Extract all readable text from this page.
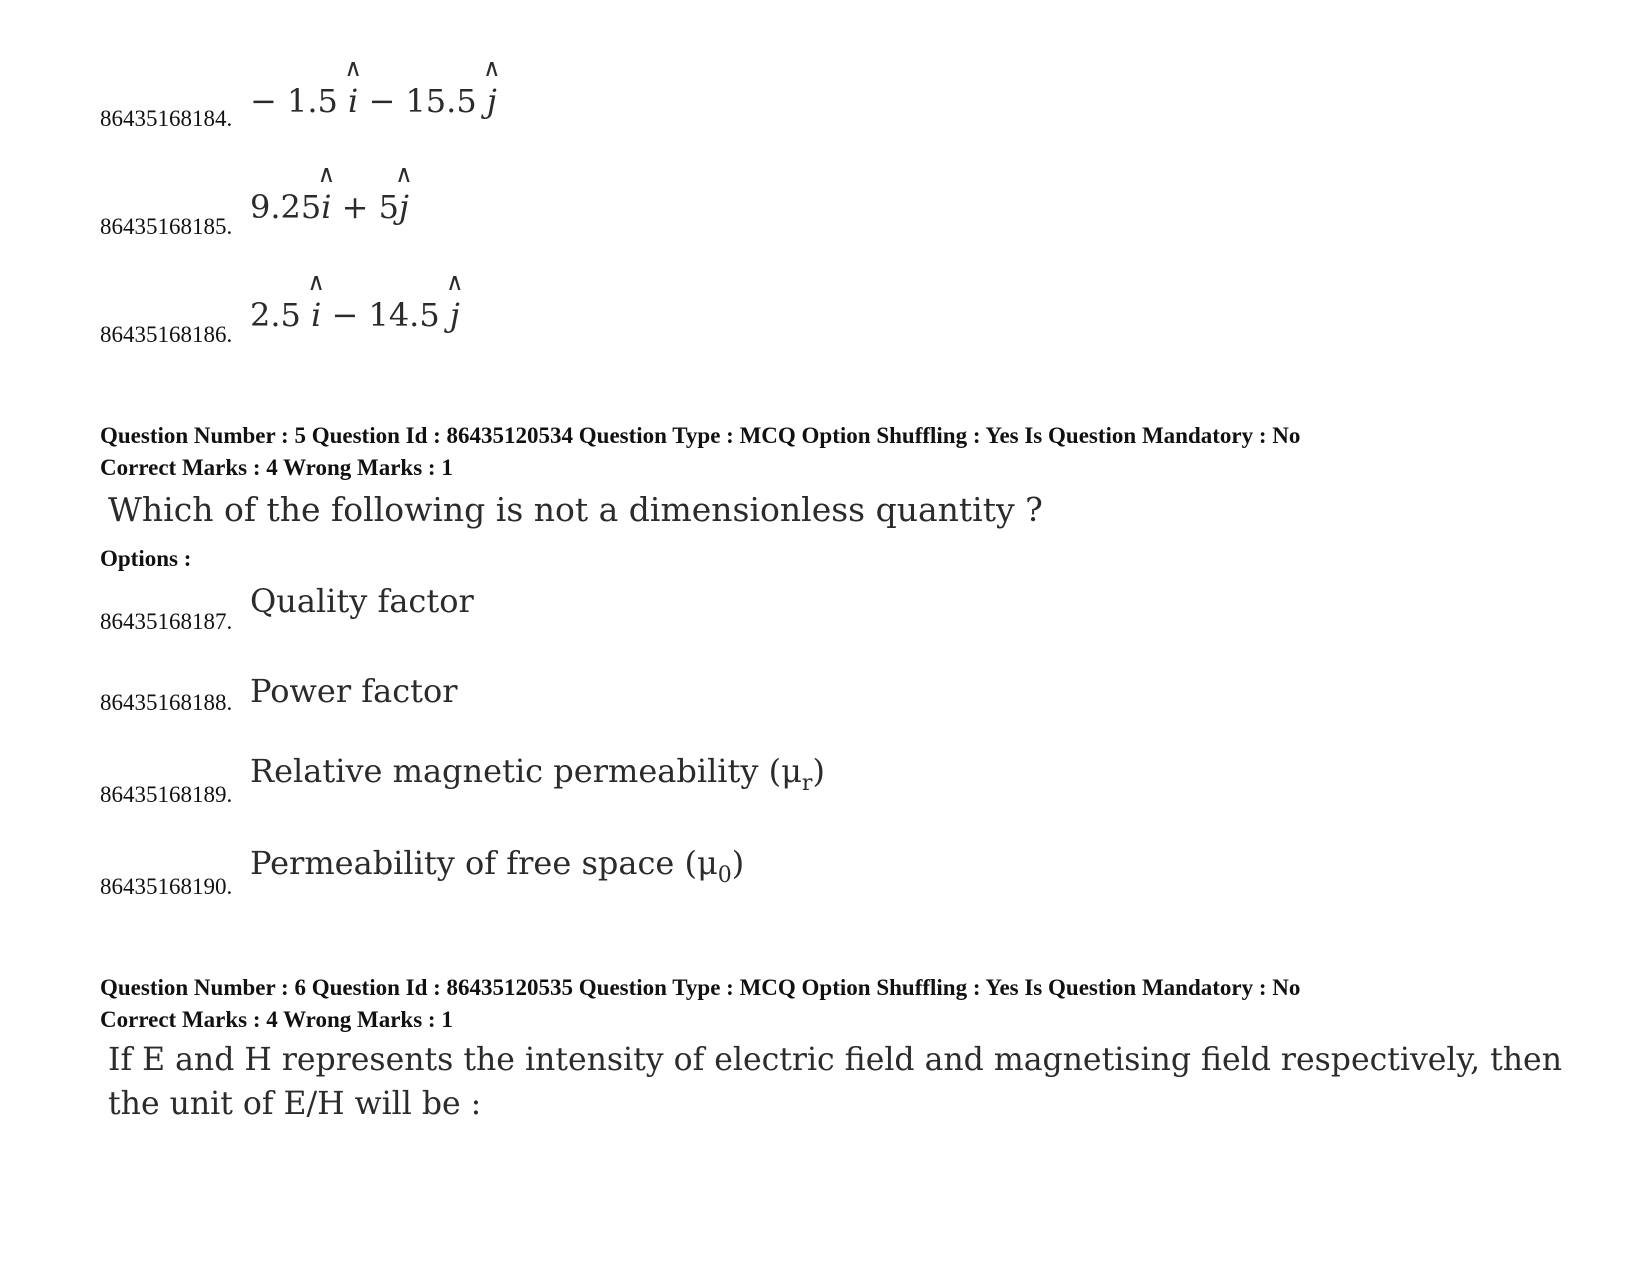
86435168184. − 1.5
∧
i − 15.5
∧
j
86435168185.
9.25
∧
i + 5
∧
j
86435168186.
2.5
∧
i − 14.5
∧
j
Question Number : 5 Question Id : 86435120534 Question Type : MCQ Option Shuffling : Yes Is Question Mandatory : No
Correct Marks : 4 Wrong Marks : 1
Which of the following is not a dimensionless quantity ?
Options :
86435168187.
Quality factor
86435168188. Power factor
86435168189.
Relative magnetic permeability $(\mu_r)$
86435168190.
Permeability of free space $(\mu_0)$
Question Number : 6 Question Id : 86435120535 Question Type : MCQ Option Shuffling : Yes Is Question Mandatory : No
Correct Marks : 4 Wrong Marks : 1
If E and H represents the intensity of electric field and magnetising field respectively, then
the unit of E/H will be :
